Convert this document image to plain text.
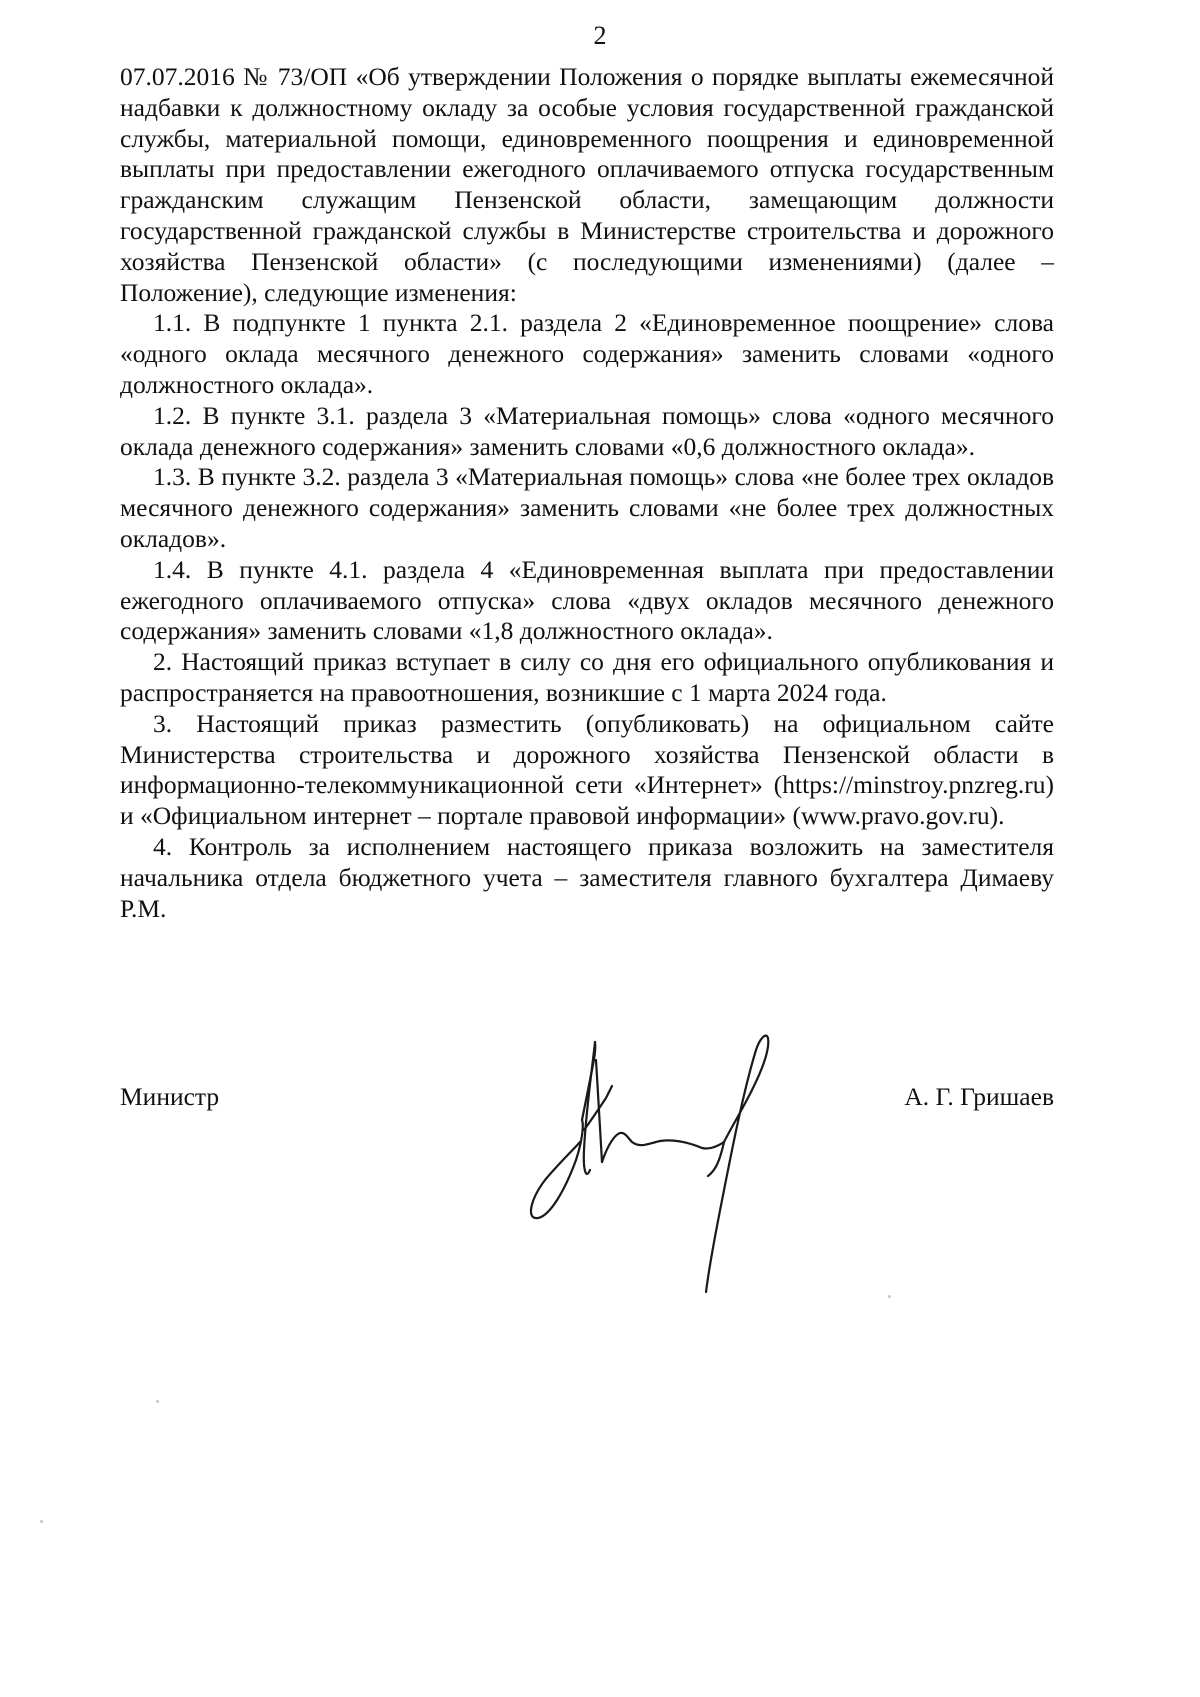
2

07.07.2016 № 73/ОП «Об утверждении Положения о порядке выплаты ежемесячной надбавки к должностному окладу за особые условия государственной гражданской службы, материальной помощи, единовременного поощрения и единовременной выплаты при предоставлении ежегодного оплачиваемого отпуска государственным гражданским служащим Пензенской области, замещающим должности государственной гражданской службы в Министерстве строительства и дорожного хозяйства Пензенской области» (с последующими изменениями) (далее – Положение), следующие изменения:

1.1. В подпункте 1 пункта 2.1. раздела 2 «Единовременное поощрение» слова «одного оклада месячного денежного содержания» заменить словами «одного должностного оклада».

1.2. В пункте 3.1. раздела 3 «Материальная помощь» слова «одного месячного оклада денежного содержания» заменить словами «0,6 должностного оклада».

1.3. В пункте 3.2. раздела 3 «Материальная помощь» слова «не более трех окладов месячного денежного содержания» заменить словами «не более трех должностных окладов».

1.4. В пункте 4.1. раздела 4 «Единовременная выплата при предоставлении ежегодного оплачиваемого отпуска» слова «двух окладов месячного денежного содержания» заменить словами «1,8 должностного оклада».

2. Настоящий приказ вступает в силу со дня его официального опубликования и распространяется на правоотношения, возникшие с 1 марта 2024 года.

3. Настоящий приказ разместить (опубликовать) на официальном сайте Министерства строительства и дорожного хозяйства Пензенской области в информационно-телекоммуникационной сети «Интернет» (https://minstroy.pnzreg.ru) и «Официальном интернет – портале правовой информации» (www.pravo.gov.ru).

4. Контроль за исполнением настоящего приказа возложить на заместителя начальника отдела бюджетного учета – заместителя главного бухгалтера Димаеву Р.М.

Министр	А. Г. Гришаев
